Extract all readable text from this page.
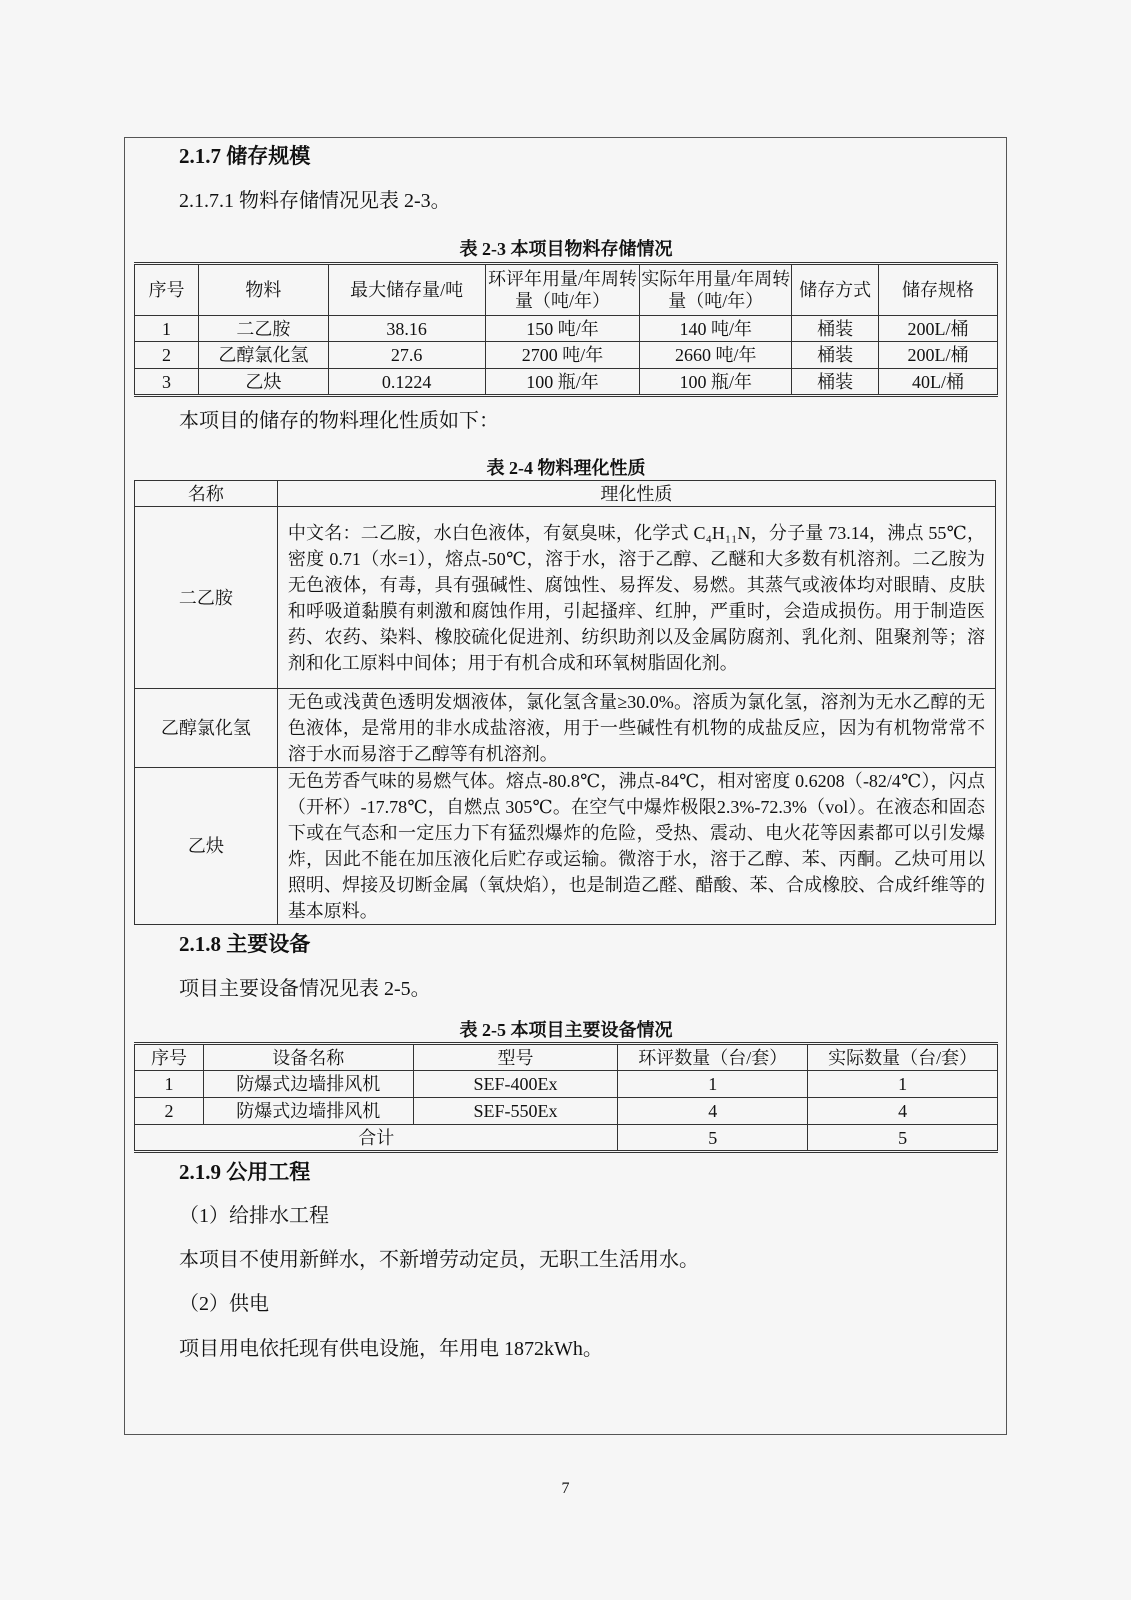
2.1.7 储存规模
2.1.7.1 物料存储情况见表 2-3。
表 2-3 本项目物料存储情况
序号	物料	最大储存量/吨	环评年用量/年周转量（吨/年）	实际年用量/年周转量（吨/年）	储存方式	储存规格
1	二乙胺	38.16	150 吨/年	140 吨/年	桶装	200L/桶
2	乙醇氯化氢	27.6	2700 吨/年	2660 吨/年	桶装	200L/桶
3	乙炔	0.1224	100 瓶/年	100 瓶/年	桶装	40L/桶
本项目的储存的物料理化性质如下：
表 2-4 物料理化性质
名称	理化性质
二乙胺	中文名：二乙胺，水白色液体，有氨臭味，化学式 C₄H₁₁N，分子量 73.14，沸点 55℃，密度 0.71（水=1），熔点-50℃，溶于水，溶于乙醇、乙醚和大多数有机溶剂。二乙胺为无色液体，有毒，具有强碱性、腐蚀性、易挥发、易燃。其蒸气或液体均对眼睛、皮肤和呼吸道黏膜有刺激和腐蚀作用，引起搔痒、红肿，严重时，会造成损伤。用于制造医药、农药、染料、橡胶硫化促进剂、纺织助剂以及金属防腐剂、乳化剂、阻聚剂等；溶剂和化工原料中间体；用于有机合成和环氧树脂固化剂。
乙醇氯化氢	无色或浅黄色透明发烟液体，氯化氢含量≥30.0%。溶质为氯化氢，溶剂为无水乙醇的无色液体，是常用的非水成盐溶液，用于一些碱性有机物的成盐反应，因为有机物常常不溶于水而易溶于乙醇等有机溶剂。
乙炔	无色芳香气味的易燃气体。熔点-80.8℃，沸点-84℃，相对密度 0.6208（-82/4℃），闪点（开杯）-17.78℃，自燃点 305℃。在空气中爆炸极限2.3%-72.3%（vol）。在液态和固态下或在气态和一定压力下有猛烈爆炸的危险，受热、震动、电火花等因素都可以引发爆炸，因此不能在加压液化后贮存或运输。微溶于水，溶于乙醇、苯、丙酮。乙炔可用以照明、焊接及切断金属（氧炔焰），也是制造乙醛、醋酸、苯、合成橡胶、合成纤维等的基本原料。
2.1.8 主要设备
项目主要设备情况见表 2-5。
表 2-5 本项目主要设备情况
序号	设备名称	型号	环评数量（台/套）	实际数量（台/套）
1	防爆式边墙排风机	SEF-400Ex	1	1
2	防爆式边墙排风机	SEF-550Ex	4	4
合计			5	5
2.1.9 公用工程
（1）给排水工程
本项目不使用新鲜水，不新增劳动定员，无职工生活用水。
（2）供电
项目用电依托现有供电设施，年用电 1872kWh。
7
